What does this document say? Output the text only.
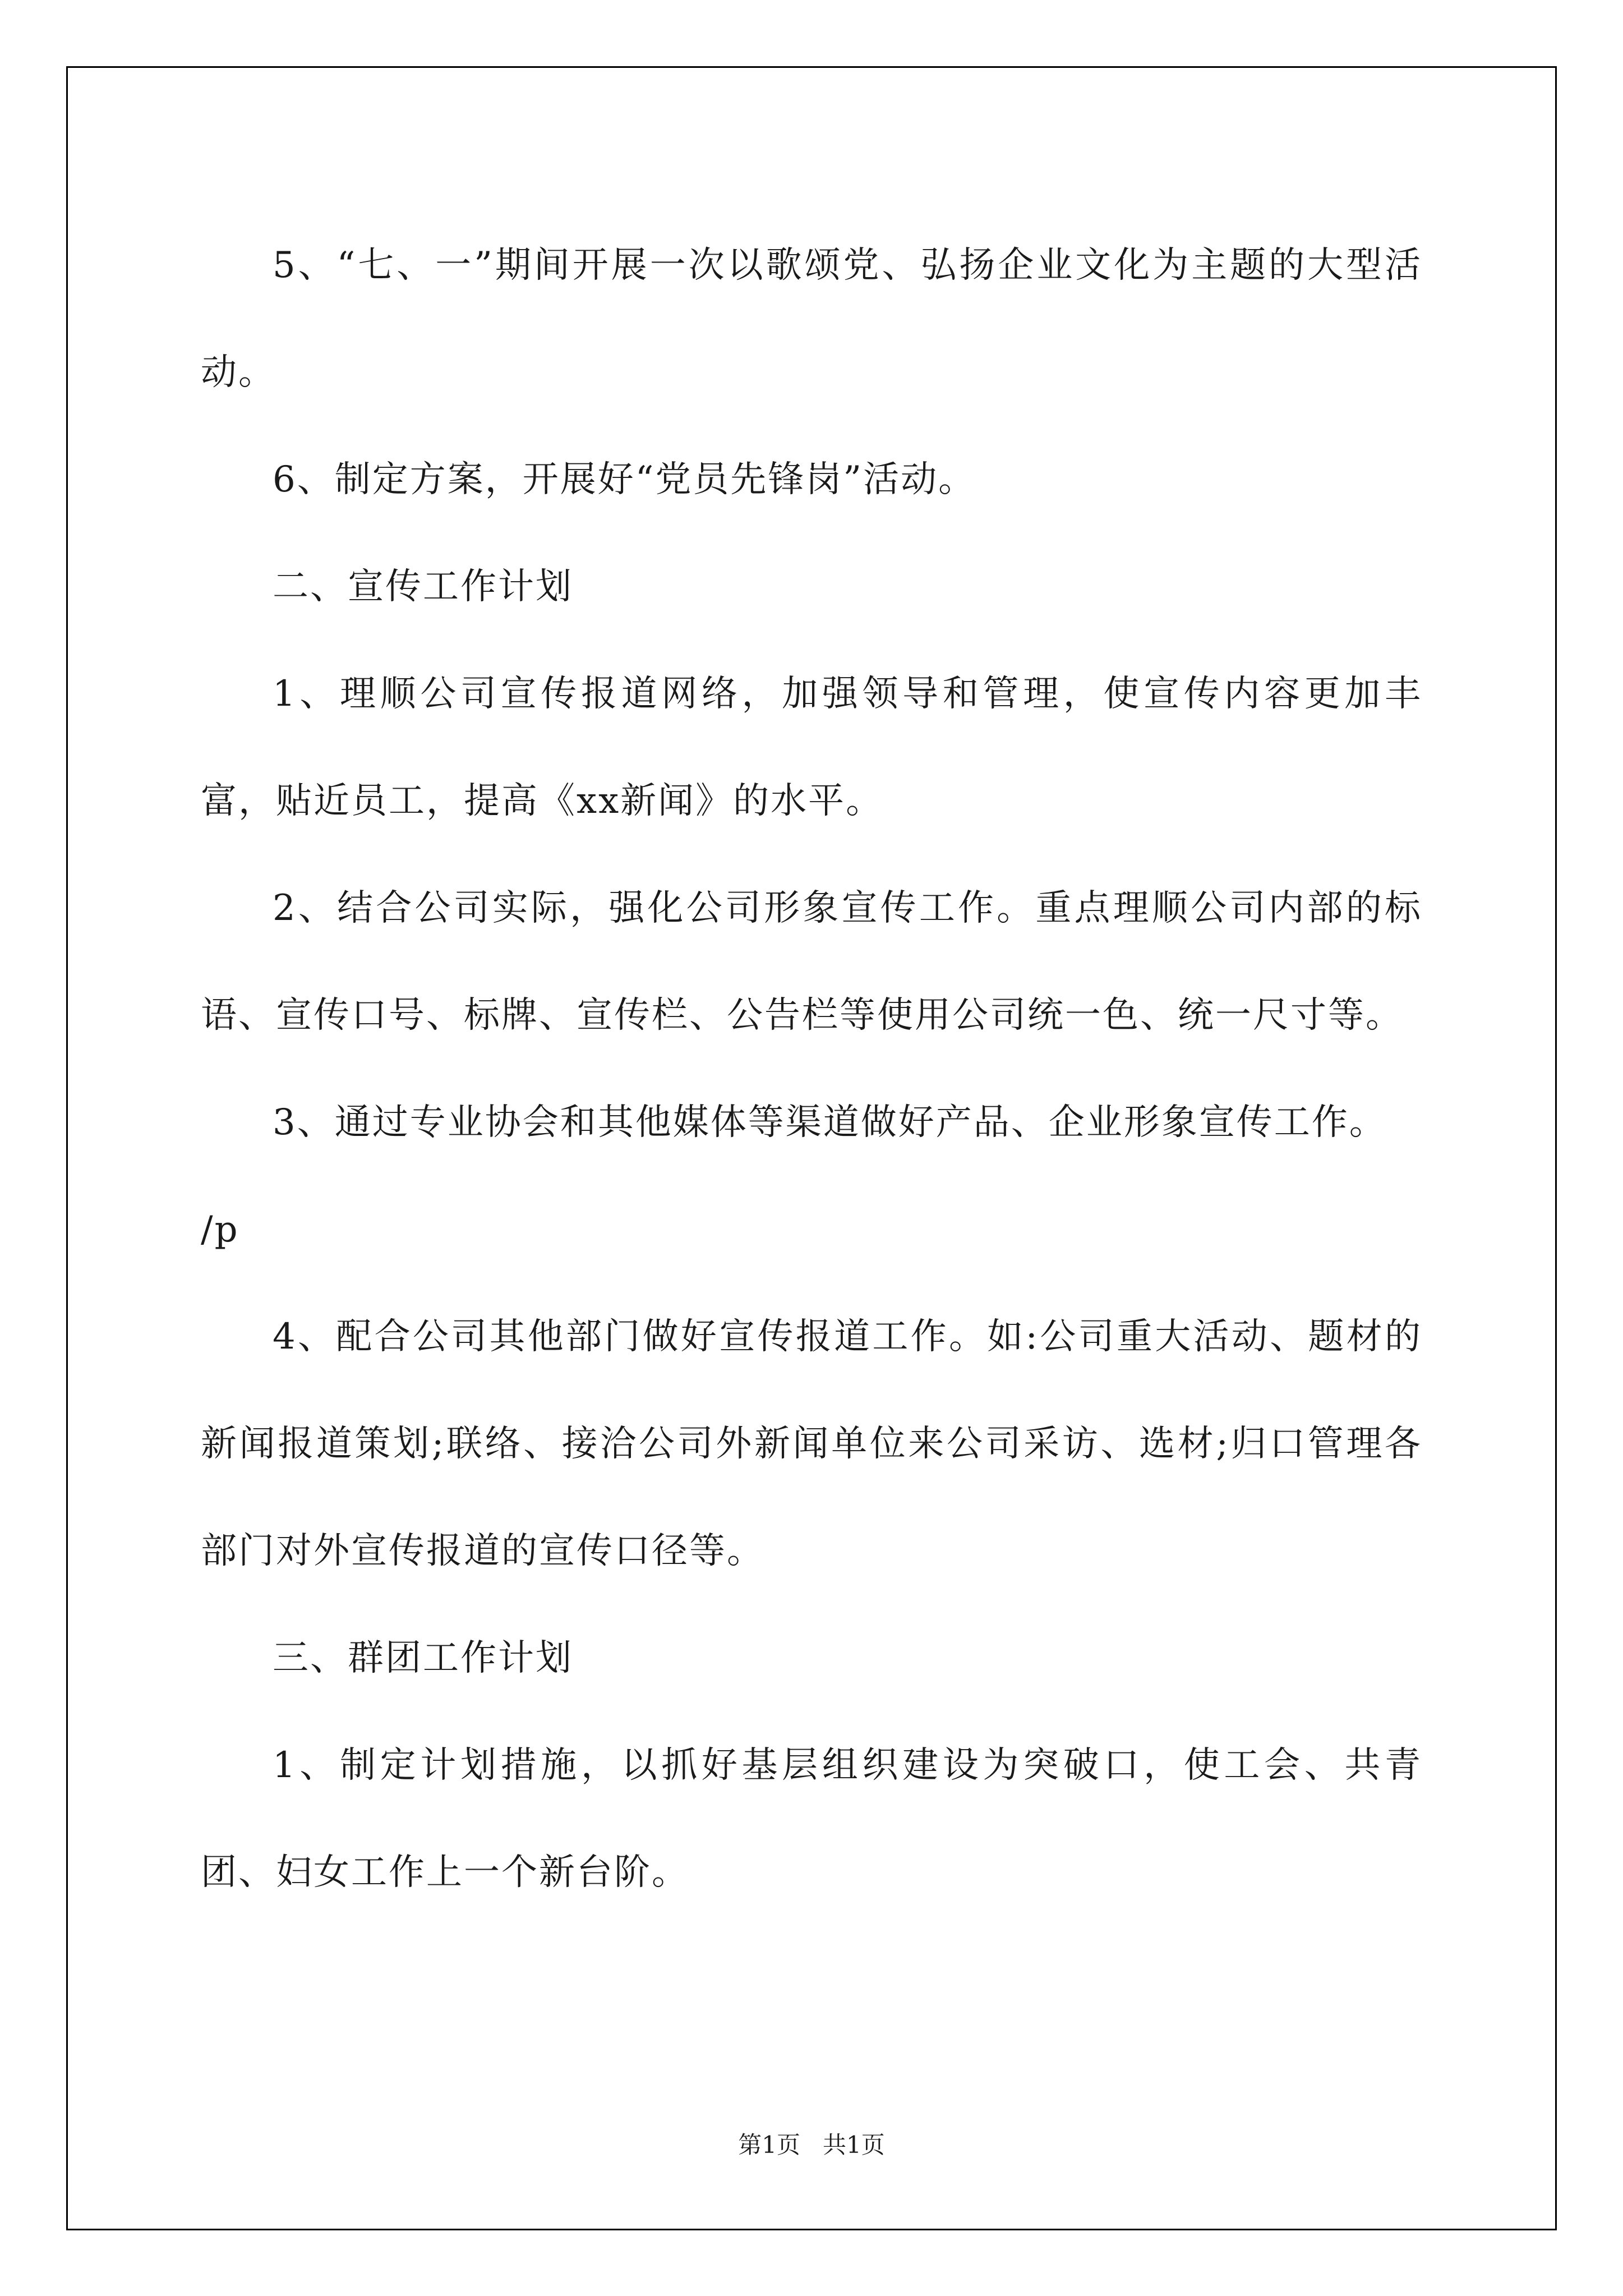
5、“七、一”期间开展一次以歌颂党、弘扬企业文化为主题的大型活动。

6、制定方案，开展好“党员先锋岗”活动。

二、宣传工作计划

1、理顺公司宣传报道网络，加强领导和管理，使宣传内容更加丰富，贴近员工，提高《xx新闻》的水平。

2、结合公司实际，强化公司形象宣传工作。重点理顺公司内部的标语、宣传口号、标牌、宣传栏、公告栏等使用公司统一色、统一尺寸等。

3、通过专业协会和其他媒体等渠道做好产品、企业形象宣传工作。

/p

4、配合公司其他部门做好宣传报道工作。如:公司重大活动、题材的新闻报道策划;联络、接洽公司外新闻单位来公司采访、选材;归口管理各部门对外宣传报道的宣传口径等。

三、群团工作计划

1、制定计划措施，以抓好基层组织建设为突破口，使工会、共青团、妇女工作上一个新台阶。

第1页 共1页
